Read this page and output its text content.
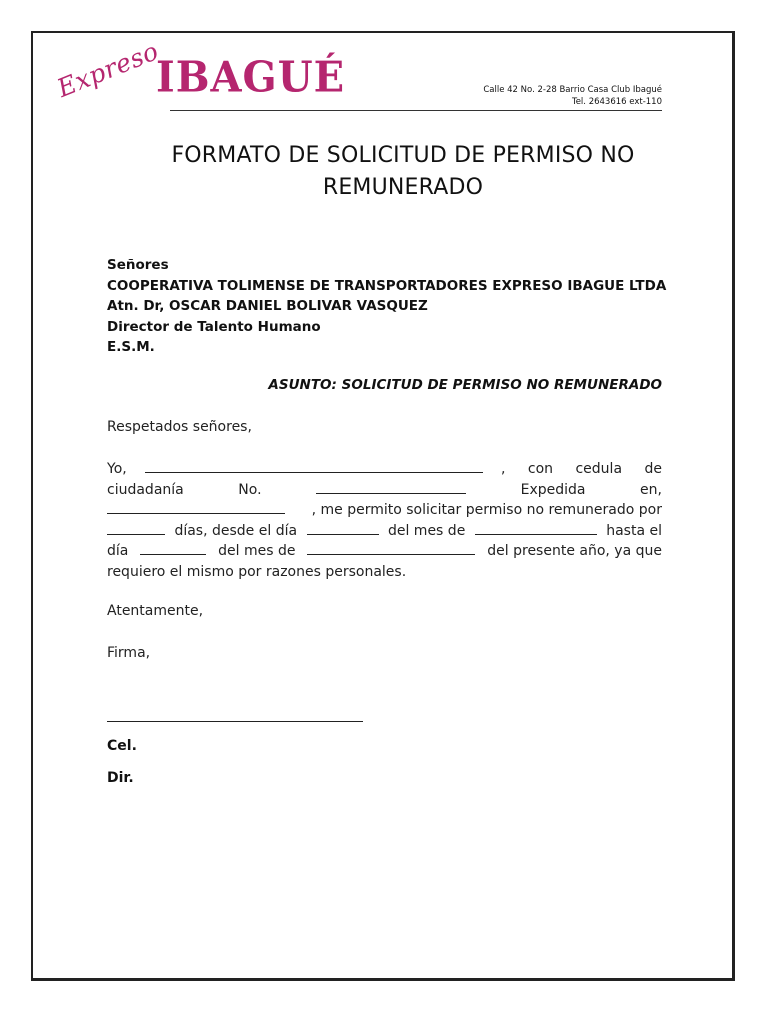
Expreso
IBAGUÉ	Calle 42 No. 2-28 Barrio Casa Club Ibagué
Tel. 2643616 ext-110
FORMATO DE SOLICITUD DE PERMISO NO
REMUNERADO
Señores
COOPERATIVA TOLIMENSE DE TRANSPORTADORES EXPRESO IBAGUE LTDA
Atn. Dr, OSCAR DANIEL BOLIVAR VASQUEZ
Director de Talento Humano
E.S.M.
ASUNTO: SOLICITUD DE PERMISO NO REMUNERADO
Respetados señores,
Yo,	, con cedula de
ciudadanía	No.	Expedida	en,
, me permito solicitar permiso no remunerado por
días, desde el día	del mes de	hasta el
día	del mes de	del presente año, ya que
requiero el mismo por razones personales.
Atentamente,
Firma,
Cel.
Dir.
